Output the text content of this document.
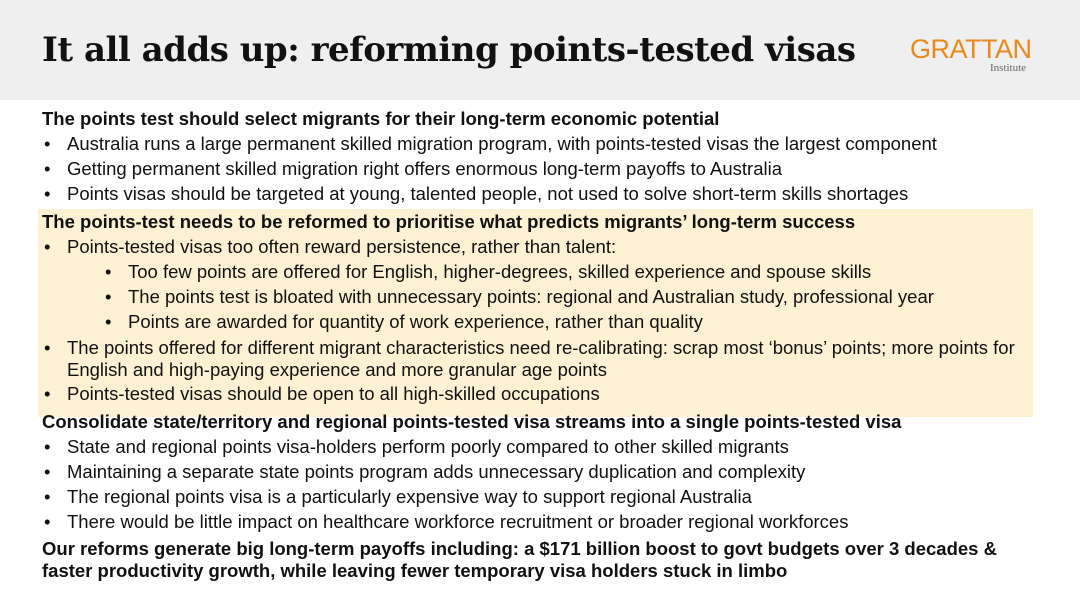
It all adds up: reforming points-tested visas GRATTAN
Institute
The points test should select migrants for their long-term economic potential
• Australia runs a large permanent skilled migration program, with points-tested visas the largest component
• Getting permanent skilled migration right offers enormous long-term payoffs to Australia
• Points visas should be targeted at young, talented people, not used to solve short-term skills shortages
The points-test needs to be reformed to prioritise what predicts migrants’ long-term success
• Points-tested visas too often reward persistence, rather than talent:
• Too few points are offered for English, higher-degrees, skilled experience and spouse skills
• The points test is bloated with unnecessary points: regional and Australian study, professional year
• Points are awarded for quantity of work experience, rather than quality
• The points offered for different migrant characteristics need re-calibrating: scrap most ‘bonus’ points; more points for English and high-paying experience and more granular age points
• Points-tested visas should be open to all high-skilled occupations
Consolidate state/territory and regional points-tested visa streams into a single points-tested visa
• State and regional points visa-holders perform poorly compared to other skilled migrants
• Maintaining a separate state points program adds unnecessary duplication and complexity
• The regional points visa is a particularly expensive way to support regional Australia
• There would be little impact on healthcare workforce recruitment or broader regional workforces
Our reforms generate big long-term payoffs including: a $171 billion boost to govt budgets over 3 decades & faster productivity growth, while leaving fewer temporary visa holders stuck in limbo
